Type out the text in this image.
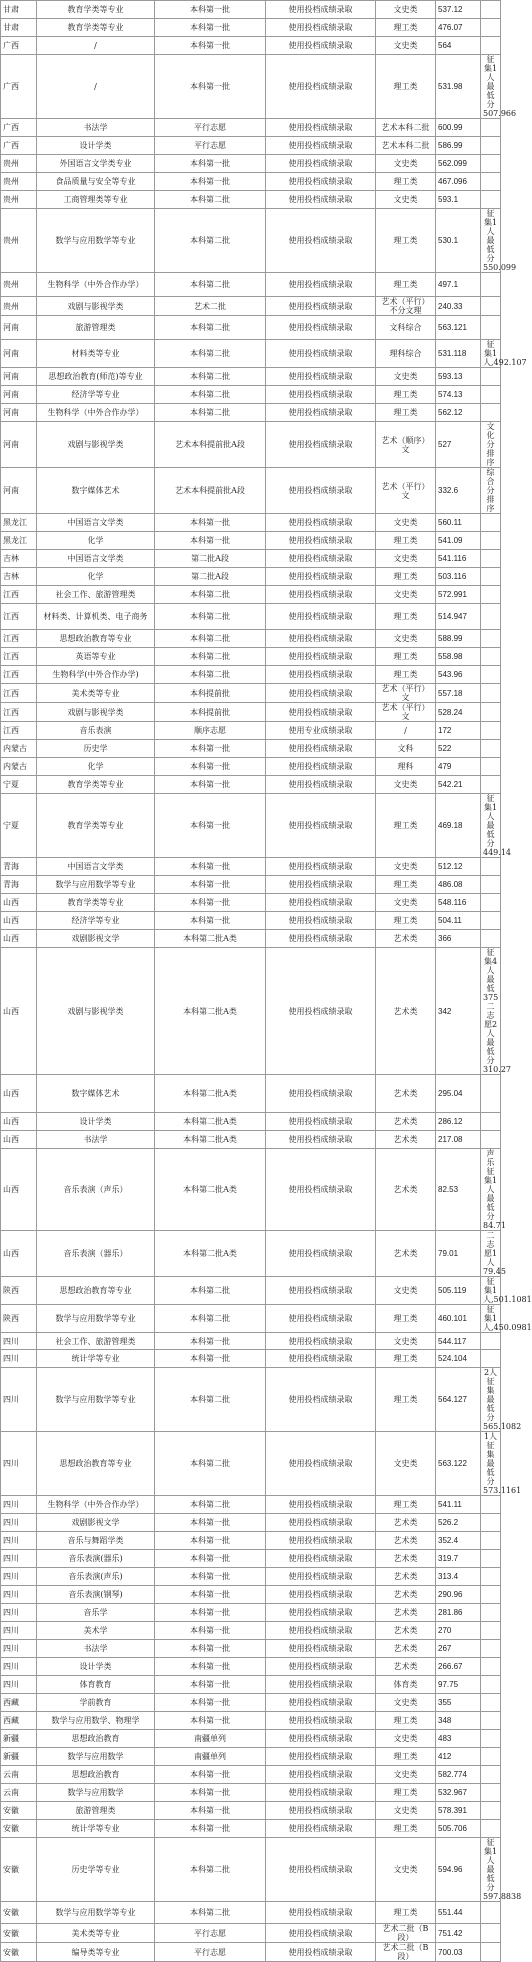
甘肃	教育学类等专业	本科第一批	使用投档成绩录取	文史类	537.12	
甘肃	教育学类等专业	本科第一批	使用投档成绩录取	理工类	476.07	
广西	/	本科第一批	使用投档成绩录取	文史类	564	
广西	/	本科第一批	使用投档成绩录取	理工类	531.98	征集1人最低分507.966
广西	书法学	平行志愿	使用投档成绩录取	艺术本科二批	600.99	
广西	设计学类	平行志愿	使用投档成绩录取	艺术本科二批	586.99	
贵州	外国语言文学类专业	本科第一批	使用投档成绩录取	文史类	562.099	
贵州	食品质量与安全等专业	本科第一批	使用投档成绩录取	理工类	467.096	
贵州	工商管理类等专业	本科第二批	使用投档成绩录取	文史类	593.1	
贵州	数学与应用数学等专业	本科第二批	使用投档成绩录取	理工类	530.1	征集1人最低分550.099
贵州	生物科学（中外合作办学）	本科第二批	使用投档成绩录取	理工类	497.1	
贵州	戏剧与影视学类	艺术二批	使用投档成绩录取	艺术（平行）不分文理	240.33	
河南	旅游管理类	本科第二批	使用投档成绩录取	文科综合	563.121	
河南	材料类等专业	本科第二批	使用投档成绩录取	理科综合	531.118	征集1人,492.107
河南	思想政治教育(师范)等专业	本科第二批	使用投档成绩录取	文史类	593.13	
河南	经济学等专业	本科第二批	使用投档成绩录取	理工类	574.13	
河南	生物科学（中外合作办学）	本科第二批	使用投档成绩录取	理工类	562.12	
河南	戏剧与影视学类	艺术本科提前批A段	使用投档成绩录取	艺术（顺序）文	527	文化分排序
河南	数字媒体艺术	艺术本科提前批A段	使用投档成绩录取	艺术（平行）文	332.6	综合分排序
黑龙江	中国语言文学类	本科第一批	使用投档成绩录取	文史类	560.11	
黑龙江	化学	本科第一批	使用投档成绩录取	理工类	541.09	
吉林	中国语言文学类	第二批A段	使用投档成绩录取	文史类	541.116	
吉林	化学	第二批A段	使用投档成绩录取	理工类	503.116	
江西	社会工作、旅游管理类	本科第二批	使用投档成绩录取	文史类	572.991	
江西	材料类、计算机类、电子商务	本科第二批	使用投档成绩录取	理工类	514.947	
江西	思想政治教育等专业	本科第二批	使用投档成绩录取	文史类	588.99	
江西	英语等专业	本科第二批	使用投档成绩录取	理工类	558.98	
江西	生物科学(中外合作办学)	本科第二批	使用投档成绩录取	理工类	543.96	
江西	美术类等专业	本科提前批	使用投档成绩录取	艺术（平行）文	557.18	
江西	戏剧与影视学类	本科提前批	使用投档成绩录取	艺术（平行）文	528.24	
江西	音乐表演	顺序志愿	使用专业成绩录取	/	172	
内蒙古	历史学	本科第一批	使用投档成绩录取	文科	522	
内蒙古	化学	本科第一批	使用投档成绩录取	理科	479	
宁夏	教育学类等专业	本科第一批	使用投档成绩录取	文史类	542.21	
宁夏	教育学类等专业	本科第一批	使用投档成绩录取	理工类	469.18	征集1人最低分449.14
青海	中国语言文学类	本科第一批	使用投档成绩录取	文史类	512.12	
青海	数学与应用数学等专业	本科第一批	使用投档成绩录取	理工类	486.08	
山西	教育学类等专业	本科第一批	使用投档成绩录取	文史类	548.116	
山西	经济学等专业	本科第一批	使用投档成绩录取	理工类	504.11	
山西	戏剧影视文学	本科第二批A类	使用投档成绩录取	艺术类	366	
山西	戏剧与影视学类	本科第二批A类	使用投档成绩录取	艺术类	342	征集4人最低375 二志愿2人最低分310.27
山西	数字媒体艺术	本科第二批A类	使用投档成绩录取	艺术类	295.04	
山西	设计学类	本科第二批A类	使用投档成绩录取	艺术类	286.12	
山西	书法学	本科第二批A类	使用投档成绩录取	艺术类	217.08	
山西	音乐表演（声乐）	本科第二批A类	使用投档成绩录取	艺术类	82.53	声乐征集1人最低分84.71
山西	音乐表演（器乐）	本科第二批A类	使用投档成绩录取	艺术类	79.01	二志愿1人79.45
陕西	思想政治教育等专业	本科第二批	使用投档成绩录取	文史类	505.119	征集1人,501.1081
陕西	数学与应用数学等专业	本科第二批	使用投档成绩录取	理工类	460.101	征集1人,450.0981
四川	社会工作、旅游管理类	本科第一批	使用投档成绩录取	文史类	544.117	
四川	统计学等专业	本科第一批	使用投档成绩录取	理工类	524.104	
四川	数学与应用数学等专业	本科第二批	使用投档成绩录取	理工类	564.127	2人征集最低分565.1082
四川	思想政治教育等专业	本科第二批	使用投档成绩录取	文史类	563.122	1人征集最低分573.1161
四川	生物科学（中外合作办学）	本科第二批	使用投档成绩录取	理工类	541.11	
四川	戏剧影视文学	本科第一批	使用投档成绩录取	艺术类	526.2	
四川	音乐与舞蹈学类	本科第一批	使用投档成绩录取	艺术类	352.4	
四川	音乐表演(器乐)	本科第一批	使用投档成绩录取	艺术类	319.7	
四川	音乐表演(声乐)	本科第一批	使用投档成绩录取	艺术类	313.4	
四川	音乐表演(钢琴)	本科第一批	使用投档成绩录取	艺术类	290.96	
四川	音乐学	本科第一批	使用投档成绩录取	艺术类	281.86	
四川	美术学	本科第一批	使用投档成绩录取	艺术类	270	
四川	书法学	本科第一批	使用投档成绩录取	艺术类	267	
四川	设计学类	本科第一批	使用投档成绩录取	艺术类	266.67	
四川	体育教育	本科第一批	使用投档成绩录取	体育类	97.75	
西藏	学前教育	本科第一批	使用投档成绩录取	文史类	355	
西藏	数学与应用数学、物理学	本科第一批	使用投档成绩录取	理工类	348	
新疆	思想政治教育	南疆单列	使用投档成绩录取	文史类	483	
新疆	数学与应用数学	南疆单列	使用投档成绩录取	理工类	412	
云南	思想政治教育	本科第一批	使用投档成绩录取	文史类	582.774	
云南	数学与应用数学	本科第一批	使用投档成绩录取	理工类	532.967	
安徽	旅游管理类	本科第一批	使用投档成绩录取	文史类	578.391	
安徽	统计学等专业	本科第一批	使用投档成绩录取	理工类	505.706	
安徽	历史学等专业	本科第二批	使用投档成绩录取	文史类	594.96	征集1人最低分597.8838
安徽	数学与应用数学等专业	本科第二批	使用投档成绩录取	理工类	551.44	
安徽	美术类等专业	平行志愿	使用投档成绩录取	艺术二批（B段）	751.42	
安徽	编导类等专业	平行志愿	使用投档成绩录取	艺术二批（B段）	700.03	
